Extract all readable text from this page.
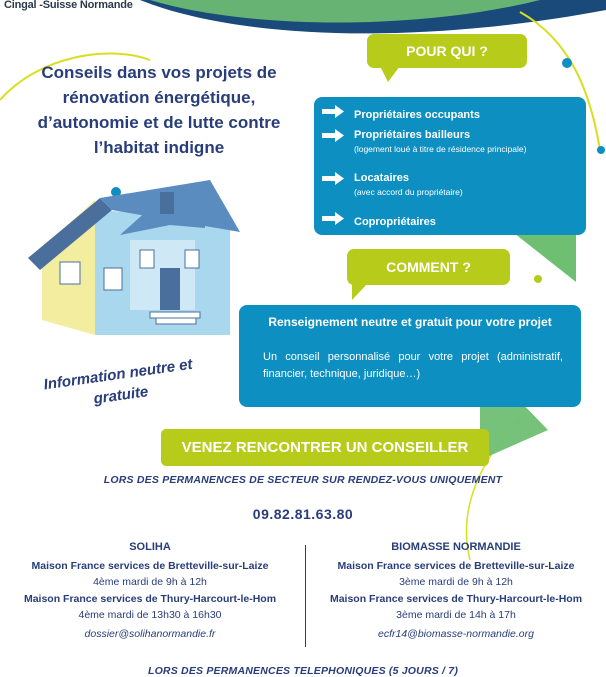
Cingal -Suisse Normande
Conseils dans vos projets de rénovation énergétique, d’autonomie et de lutte contre l’habitat indigne
POUR QUI ?
Propriétaires occupants
Propriétaires bailleurs
(logement loué à titre de résidence principale)
Locataires
(avec accord du propriétaire)
Copropriétaires
COMMENT ?
Renseignement neutre et gratuit pour votre projet
Un conseil personnalisé pour votre projet (administratif, financier, technique, juridique…)
Information neutre et gratuite
VENEZ RENCONTRER UN CONSEILLER
LORS DES PERMANENCES DE SECTEUR SUR RENDEZ-VOUS UNIQUEMENT
09.82.81.63.80
SOLIHA
Maison France services de Bretteville-sur-Laize
4ème mardi de 9h à 12h
Maison France services de Thury-Harcourt-le-Hom
4ème mardi de 13h30 à 16h30
dossier@solihanormandie.fr
BIOMASSE NORMANDIE
Maison France services de Bretteville-sur-Laize
3ème mardi de 9h à 12h
Maison France services de Thury-Harcourt-le-Hom
3ème mardi de 14h à 17h
ecfr14@biomasse-normandie.org
LORS DES PERMANENCES TELEPHONIQUES (5 JOURS / 7)
